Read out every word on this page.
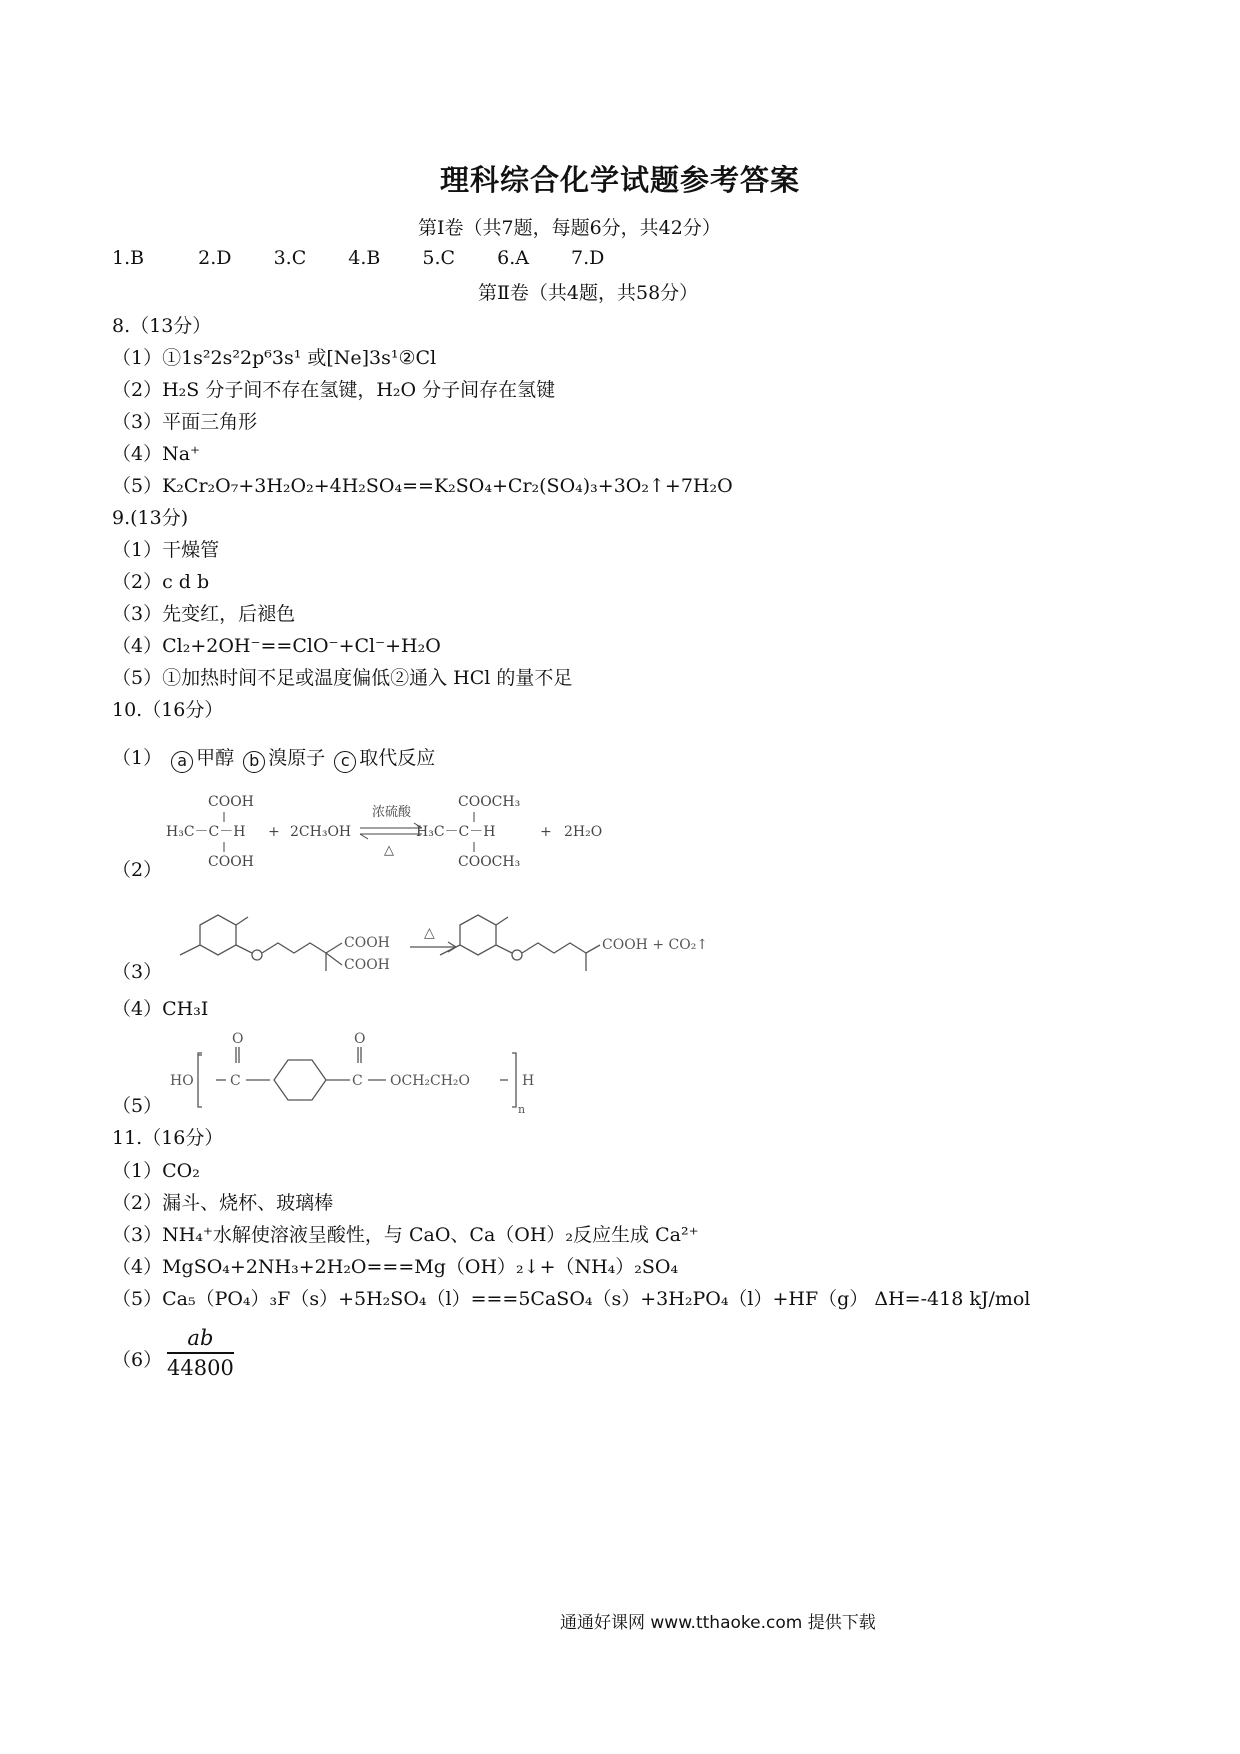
理科综合化学试题参考答案
第Ⅰ卷（共7题，每题6分，共42分）
1.B	2.D 3.C 4.B 5.C 6.A 7.D
第Ⅱ卷（共4题，共58分）
8.（13分）
（1）①1s²2s²2p⁶3s¹ 或[Ne]3s¹②Cl
（2）H₂S 分子间不存在氢键，H₂O 分子间存在氢键
（3）平面三角形
（4）Na⁺
（5）K₂Cr₂O₇+3H₂O₂+4H₂SO₄==K₂SO₄+Cr₂(SO₄)₃+3O₂↑+7H₂O
9.(13分)
（1）干燥管
（2）c d b
（3）先变红，后褪色
（4）Cl₂+2OH⁻==ClO⁻+Cl⁻+H₂O
（5）①加热时间不足或温度偏低②通入 HCl 的量不足
10.（16分）
（1） a 甲醇 b 溴原子 c 取代反应
（2）
COOH
H₃C－C－H
COOH
+ 2CH₃OH
浓硫酸
△
COOCH₃
H₃C－C－H
COOCH₃
+ 2H₂O
（3）
COOH
COOH
△
COOH + CO₂↑
（4）CH₃I
（5）
HO
O
C
O
C OCH₂CH₂O	H
n
11.（16分）
（1）CO₂
（2）漏斗、烧杯、玻璃棒
（3）NH₄⁺水解使溶液呈酸性，与 CaO、Ca（OH）₂反应生成 Ca²⁺
（4）MgSO₄+2NH₃+2H₂O===Mg（OH）₂↓+（NH₄）₂SO₄
（5）Ca₅（PO₄）₃F（s）+5H₂SO₄（l）===5CaSO₄（s）+3H₂PO₄（l）+HF（g） ΔH=-418 kJ/mol
$(6) \frac{ab}{44800}$
通通好课网 www.tthaoke.com 提供下载
